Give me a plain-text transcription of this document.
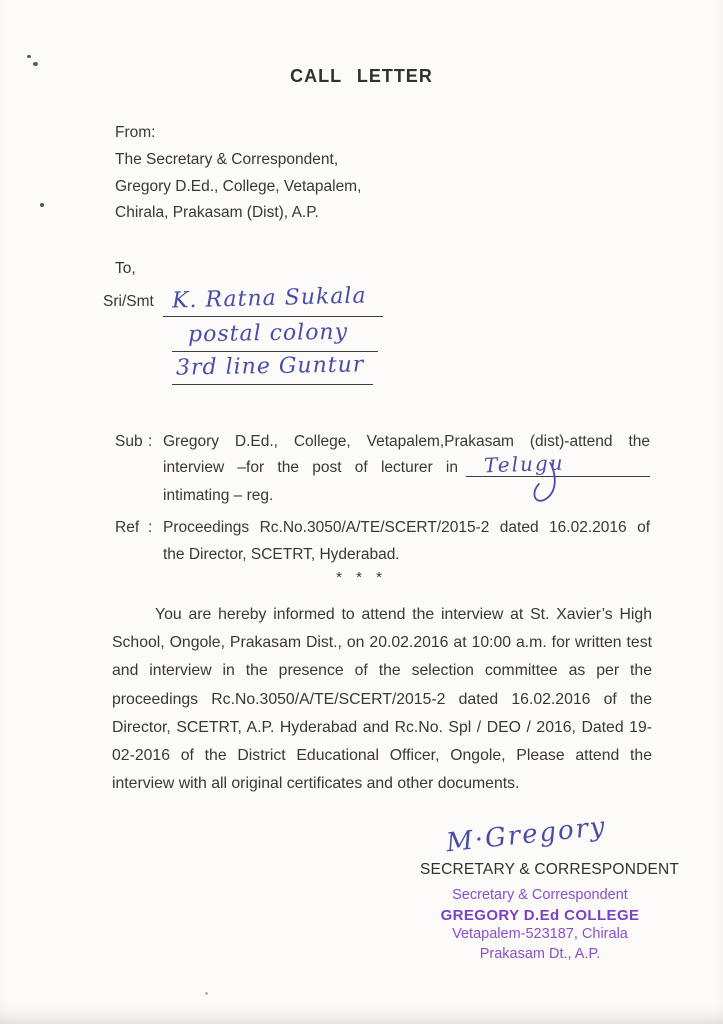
CALL LETTER
From:
The Secretary & Correspondent,
Gregory D.Ed., College, Vetapalem,
Chirala, Prakasam (Dist), A.P.
To,
Sri/Smt K. Ratna Sukala
postal colony
3rd line Guntur
Sub : Gregory D.Ed., College, Vetapalem,Prakasam (dist)-attend the
interview –for the post of lecturer in Telugu
intimating – reg.
Ref : Proceedings Rc.No.3050/A/TE/SCERT/2015-2 dated 16.02.2016 of
the Director, SCETRT, Hyderabad.
* * *

You are hereby informed to attend the interview at St. Xavier’s High School, Ongole, Prakasam Dist., on 20.02.2016 at 10:00 a.m. for written test and interview in the presence of the selection committee as per the proceedings Rc.No.3050/A/TE/SCERT/2015-2 dated 16.02.2016 of the Director, SCETRT, A.P. Hyderabad and Rc.No. Spl / DEO / 2016, Dated 19-02-2016 of the District Educational Officer, Ongole, Please attend the interview with all original certificates and other documents.

M·Gregory
SECRETARY & CORRESPONDENT
Secretary & Correspondent
GREGORY D.Ed COLLEGE
Vetapalem-523187, Chirala
Prakasam Dt., A.P.
